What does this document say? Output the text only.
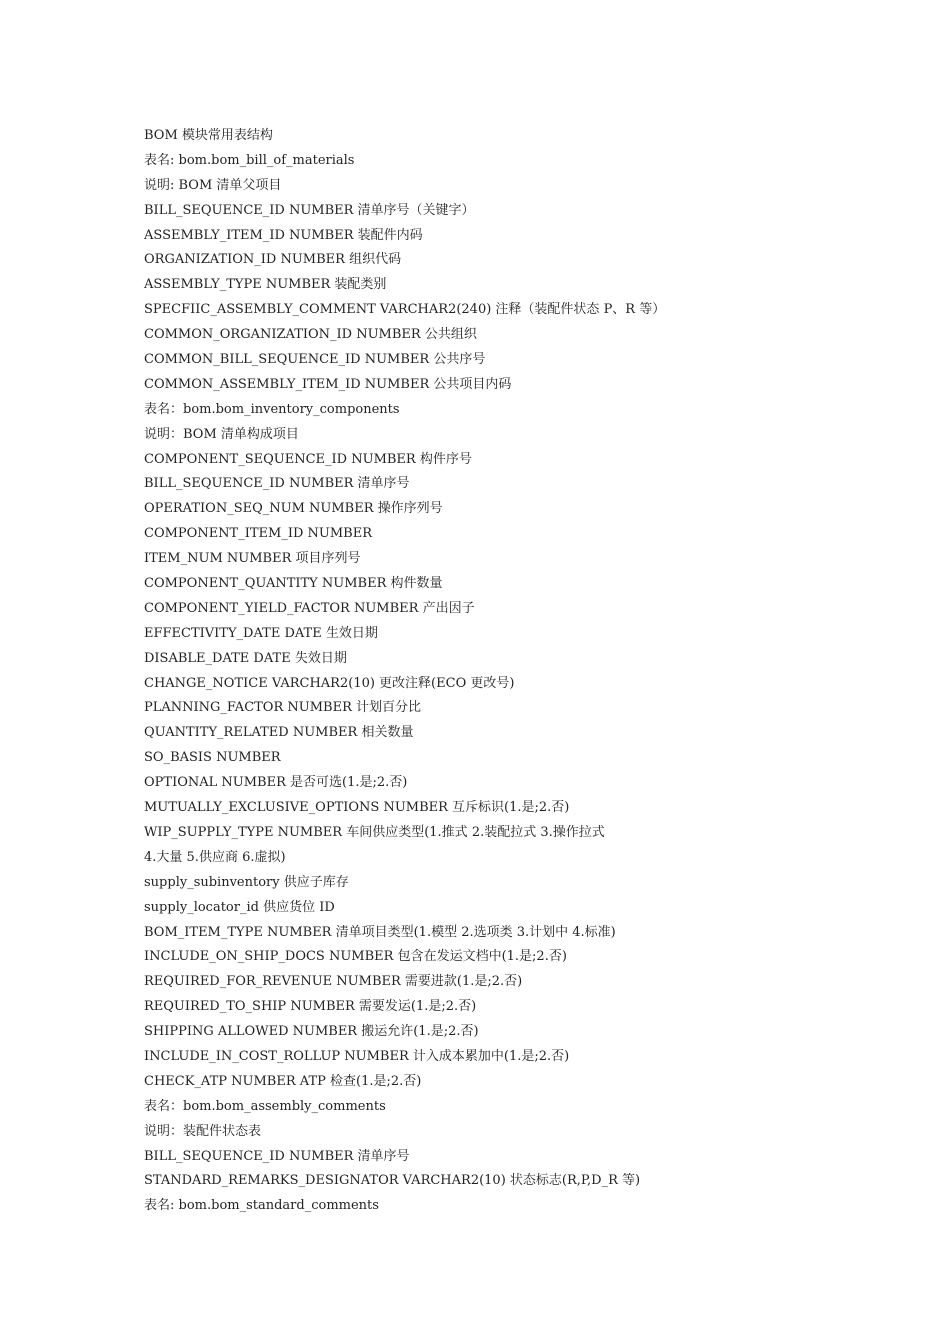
BOM 模块常用表结构
表名: bom.bom_bill_of_materials
说明: BOM 清单父项目
BILL_SEQUENCE_ID NUMBER 清单序号（关键字）
ASSEMBLY_ITEM_ID NUMBER 装配件内码
ORGANIZATION_ID NUMBER 组织代码
ASSEMBLY_TYPE NUMBER 装配类别
SPECFIIC_ASSEMBLY_COMMENT VARCHAR2(240) 注释（装配件状态 P、R 等）
COMMON_ORGANIZATION_ID NUMBER 公共组织
COMMON_BILL_SEQUENCE_ID NUMBER 公共序号
COMMON_ASSEMBLY_ITEM_ID NUMBER 公共项目内码
表名：bom.bom_inventory_components
说明：BOM 清单构成项目
COMPONENT_SEQUENCE_ID NUMBER 构件序号
BILL_SEQUENCE_ID NUMBER 清单序号
OPERATION_SEQ_NUM NUMBER 操作序列号
COMPONENT_ITEM_ID NUMBER
ITEM_NUM NUMBER 项目序列号
COMPONENT_QUANTITY NUMBER 构件数量
COMPONENT_YIELD_FACTOR NUMBER 产出因子
EFFECTIVITY_DATE DATE 生效日期
DISABLE_DATE DATE 失效日期
CHANGE_NOTICE VARCHAR2(10) 更改注释(ECO 更改号)
PLANNING_FACTOR NUMBER 计划百分比
QUANTITY_RELATED NUMBER 相关数量
SO_BASIS NUMBER
OPTIONAL NUMBER 是否可选(1.是;2.否)
MUTUALLY_EXCLUSIVE_OPTIONS NUMBER 互斥标识(1.是;2.否)
WIP_SUPPLY_TYPE NUMBER 车间供应类型(1.推式 2.装配拉式 3.操作拉式
4.大量 5.供应商 6.虚拟)
supply_subinventory 供应子库存
supply_locator_id 供应货位 ID
BOM_ITEM_TYPE NUMBER 清单项目类型(1.模型 2.选项类 3.计划中 4.标准)
INCLUDE_ON_SHIP_DOCS NUMBER 包含在发运文档中(1.是;2.否)
REQUIRED_FOR_REVENUE NUMBER 需要进款(1.是;2.否)
REQUIRED_TO_SHIP NUMBER 需要发运(1.是;2.否)
SHIPPING ALLOWED NUMBER 搬运允许(1.是;2.否)
INCLUDE_IN_COST_ROLLUP NUMBER 计入成本累加中(1.是;2.否)
CHECK_ATP NUMBER ATP 检查(1.是;2.否)
表名：bom.bom_assembly_comments
说明：装配件状态表
BILL_SEQUENCE_ID NUMBER 清单序号
STANDARD_REMARKS_DESIGNATOR VARCHAR2(10) 状态标志(R,P,D_R 等)
表名: bom.bom_standard_comments
